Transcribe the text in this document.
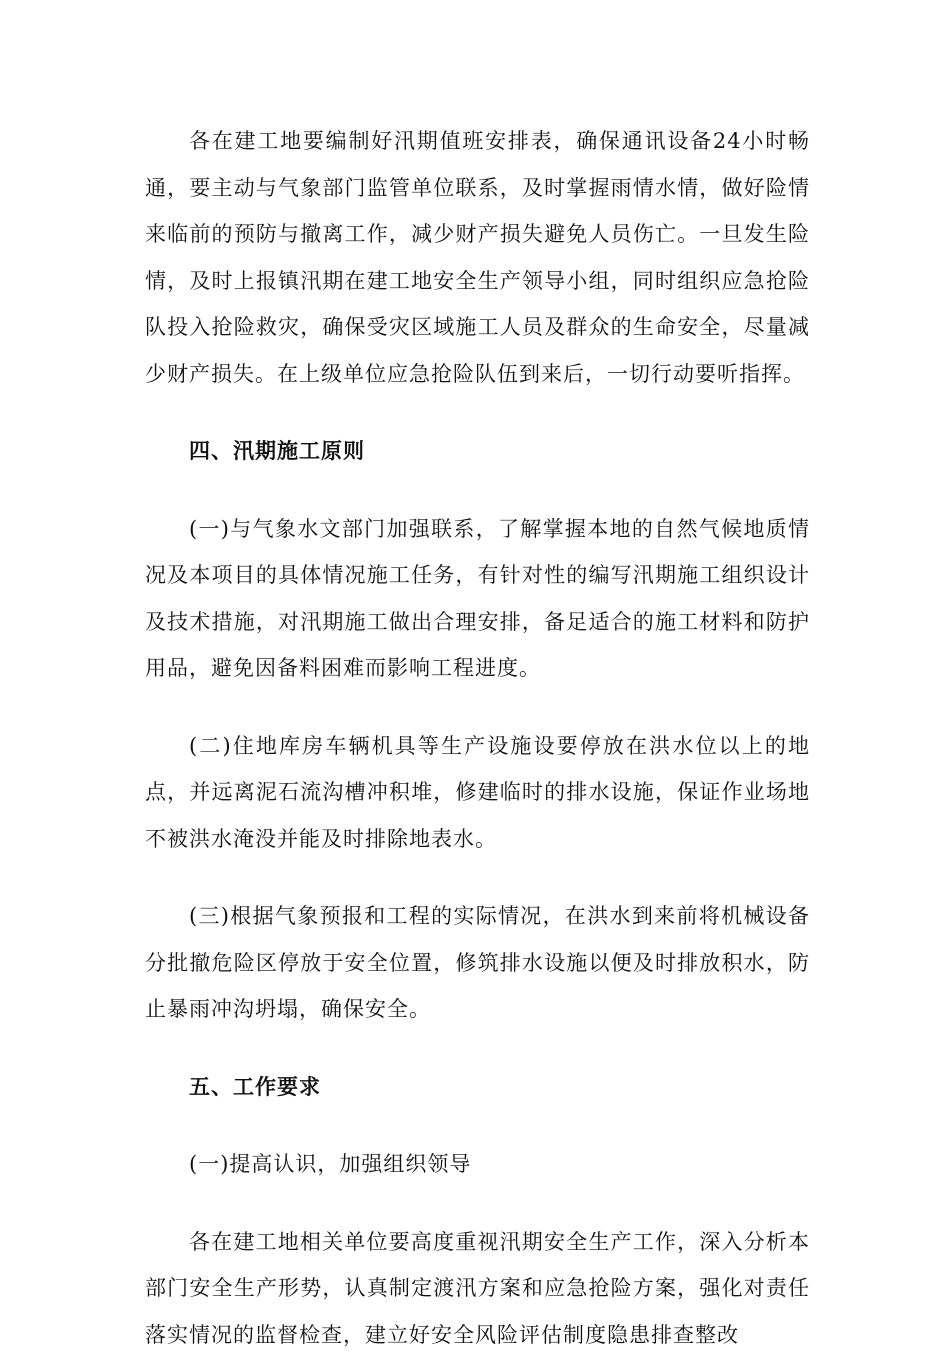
各在建工地要编制好汛期值班安排表，确保通讯设备24小时畅通，要主动与气象部门监管单位联系，及时掌握雨情水情，做好险情来临前的预防与撤离工作，减少财产损失避免人员伤亡。一旦发生险情，及时上报镇汛期在建工地安全生产领导小组，同时组织应急抢险队投入抢险救灾，确保受灾区域施工人员及群众的生命安全，尽量减少财产损失。在上级单位应急抢险队伍到来后，一切行动要听指挥。

四、汛期施工原则

(一)与气象水文部门加强联系，了解掌握本地的自然气候地质情况及本项目的具体情况施工任务，有针对性的编写汛期施工组织设计及技术措施，对汛期施工做出合理安排，备足适合的施工材料和防护用品，避免因备料困难而影响工程进度。

(二)住地库房车辆机具等生产设施设要停放在洪水位以上的地点，并远离泥石流沟槽冲积堆，修建临时的排水设施，保证作业场地不被洪水淹没并能及时排除地表水。

(三)根据气象预报和工程的实际情况，在洪水到来前将机械设备分批撤危险区停放于安全位置，修筑排水设施以便及时排放积水，防止暴雨冲沟坍塌，确保安全。

五、工作要求

(一)提高认识，加强组织领导

各在建工地相关单位要高度重视汛期安全生产工作，深入分析本部门安全生产形势，认真制定渡汛方案和应急抢险方案，强化对责任落实情况的监督检查，建立好安全风险评估制度隐患排查整改
